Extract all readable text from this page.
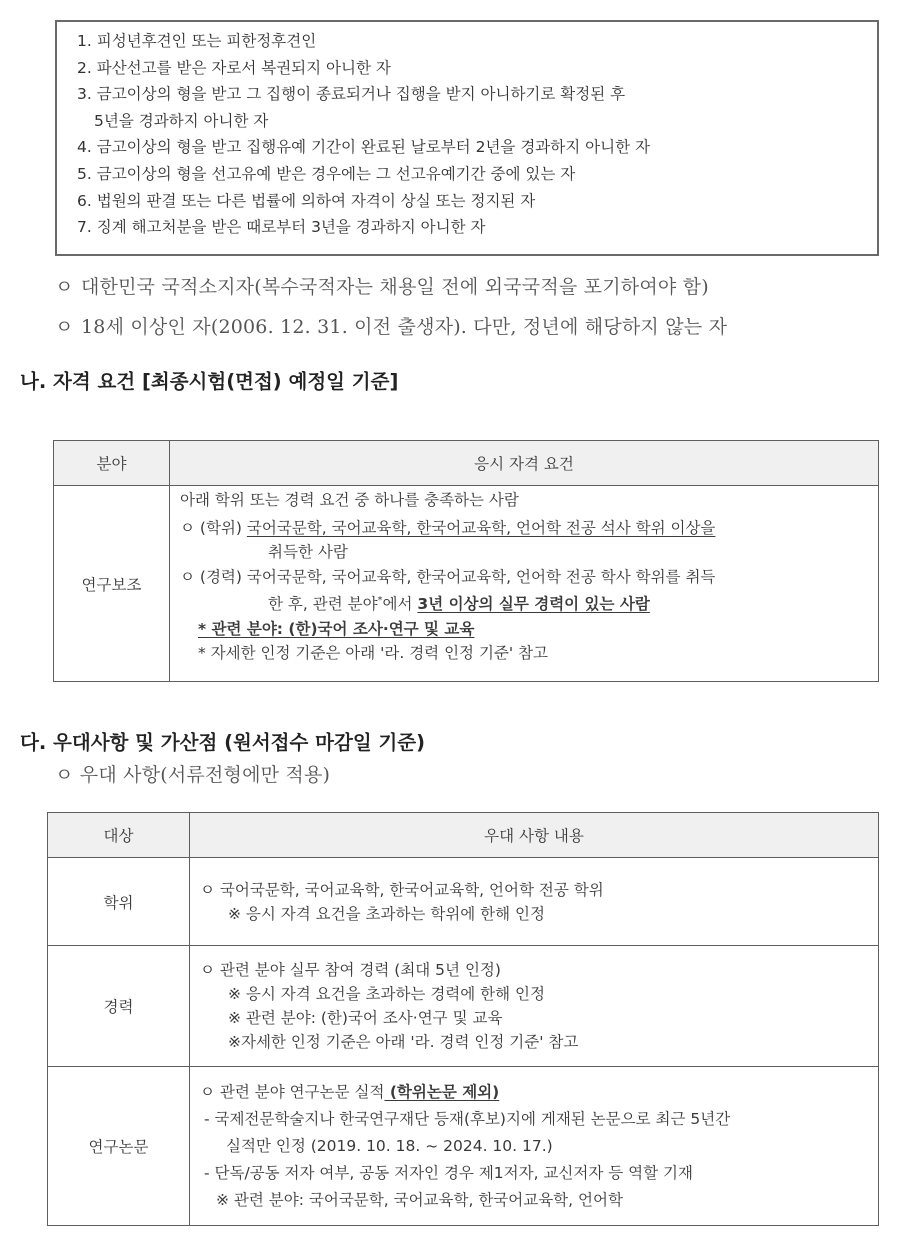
1. 피성년후견인 또는 피한정후견인
2. 파산선고를 받은 자로서 복권되지 아니한 자
3. 금고이상의 형을 받고 그 집행이 종료되거나 집행을 받지 아니하기로 확정된 후
5년을 경과하지 아니한 자
4. 금고이상의 형을 받고 집행유예 기간이 완료된 날로부터 2년을 경과하지 아니한 자
5. 금고이상의 형을 선고유예 받은 경우에는 그 선고유예기간 중에 있는 자
6. 법원의 판결 또는 다른 법률에 의하여 자격이 상실 또는 정지된 자
7. 징계 해고처분을 받은 때로부터 3년을 경과하지 아니한 자
ㅇ 대한민국 국적소지자(복수국적자는 채용일 전에 외국국적을 포기하여야 함)
ㅇ 18세 이상인 자(2006. 12. 31. 이전 출생자). 다만, 정년에 해당하지 않는 자
나. 자격 요건 [최종시험(면접) 예정일 기준]
분야	응시 자격 요건
연구보조	
아래 학위 또는 경력 요건 중 하나를 충족하는 사람
ㅇ (학위) 국어국문학, 국어교육학, 한국어교육학, 언어학 전공 석사 학위 이상을
취득한 사람
ㅇ (경력) 국어국문학, 국어교육학, 한국어교육학, 언어학 전공 학사 학위를 취득
한 후, 관련 분야*에서 3년 이상의 실무 경력이 있는 사람
* 관련 분야: (한)국어 조사·연구 및 교육
* 자세한 인정 기준은 아래 '라. 경력 인정 기준' 참고
다. 우대사항 및 가산점 (원서접수 마감일 기준)
ㅇ 우대 사항(서류전형에만 적용)
대상	우대 사항 내용
학위	ㅇ 국어국문학, 국어교육학, 한국어교육학, 언어학 전공 학위
※ 응시 자격 요건을 초과하는 학위에 한해 인정

경력	ㅇ 관련 분야 실무 참여 경력 (최대 5년 인정)
※ 응시 자격 요건을 초과하는 경력에 한해 인정
※ 관련 분야: (한)국어 조사·연구 및 교육
※자세한 인정 기준은 아래 '라. 경력 인정 기준' 참고

연구논문	ㅇ 관련 분야 연구논문 실적 (학위논문 제외)
- 국제전문학술지나 한국연구재단 등재(후보)지에 게재된 논문으로 최근 5년간
실적만 인정 (2019. 10. 18. ~ 2024. 10. 17.)
- 단독/공동 저자 여부, 공동 저자인 경우 제1저자, 교신저자 등 역할 기재
※ 관련 분야: 국어국문학, 국어교육학, 한국어교육학, 언어학
